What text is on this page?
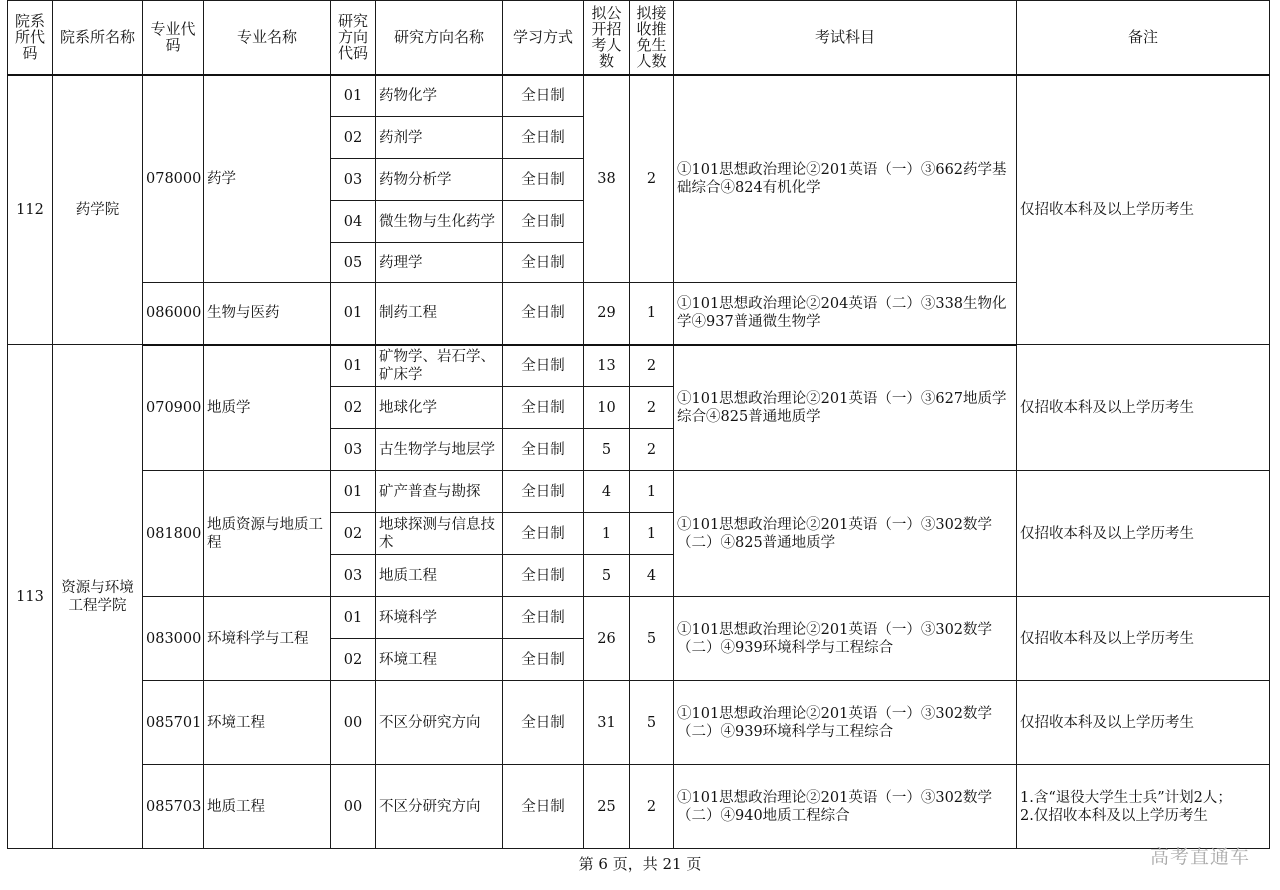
院系所代码	院系所名称	专业代码	专业名称	研究方向代码	研究方向名称	学习方式	拟公开招考人数	拟接收推免生人数	考试科目	备注
112	药学院	078000	药学	01	药物化学	全日制	38	2	①101思想政治理论②201英语（一）③662药学基础综合④824有机化学	仅招收本科及以上学历考生
				02	药剂学	全日制				
				03	药物分析学	全日制				
				04	微生物与生化药学	全日制				
				05	药理学	全日制				
		086000	生物与医药	01	制药工程	全日制	29	1	①101思想政治理论②204英语（二）③338生物化学④937普通微生物学	
113	资源与环境工程学院	070900	地质学	01	矿物学、岩石学、矿床学	全日制	13	2	①101思想政治理论②201英语（一）③627地质学综合④825普通地质学	仅招收本科及以上学历考生
				02	地球化学	全日制	10	2		
				03	古生物学与地层学	全日制	5	2		
		081800	地质资源与地质工程	01	矿产普查与勘探	全日制	4	1	①101思想政治理论②201英语（一）③302数学（二）④825普通地质学	仅招收本科及以上学历考生
				02	地球探测与信息技术	全日制	1	1		
				03	地质工程	全日制	5	4		
		083000	环境科学与工程	01	环境科学	全日制	26	5	①101思想政治理论②201英语（一）③302数学（二）④939环境科学与工程综合	仅招收本科及以上学历考生
				02	环境工程	全日制				
		085701	环境工程	00	不区分研究方向	全日制	31	5	①101思想政治理论②201英语（一）③302数学（二）④939环境科学与工程综合	仅招收本科及以上学历考生
		085703	地质工程	00	不区分研究方向	全日制	25	2	①101思想政治理论②201英语（一）③302数学（二）④940地质工程综合	1.含“退役大学生士兵”计划2人；
2.仅招收本科及以上学历考生
第 6 页，共 21 页	高考直通车
